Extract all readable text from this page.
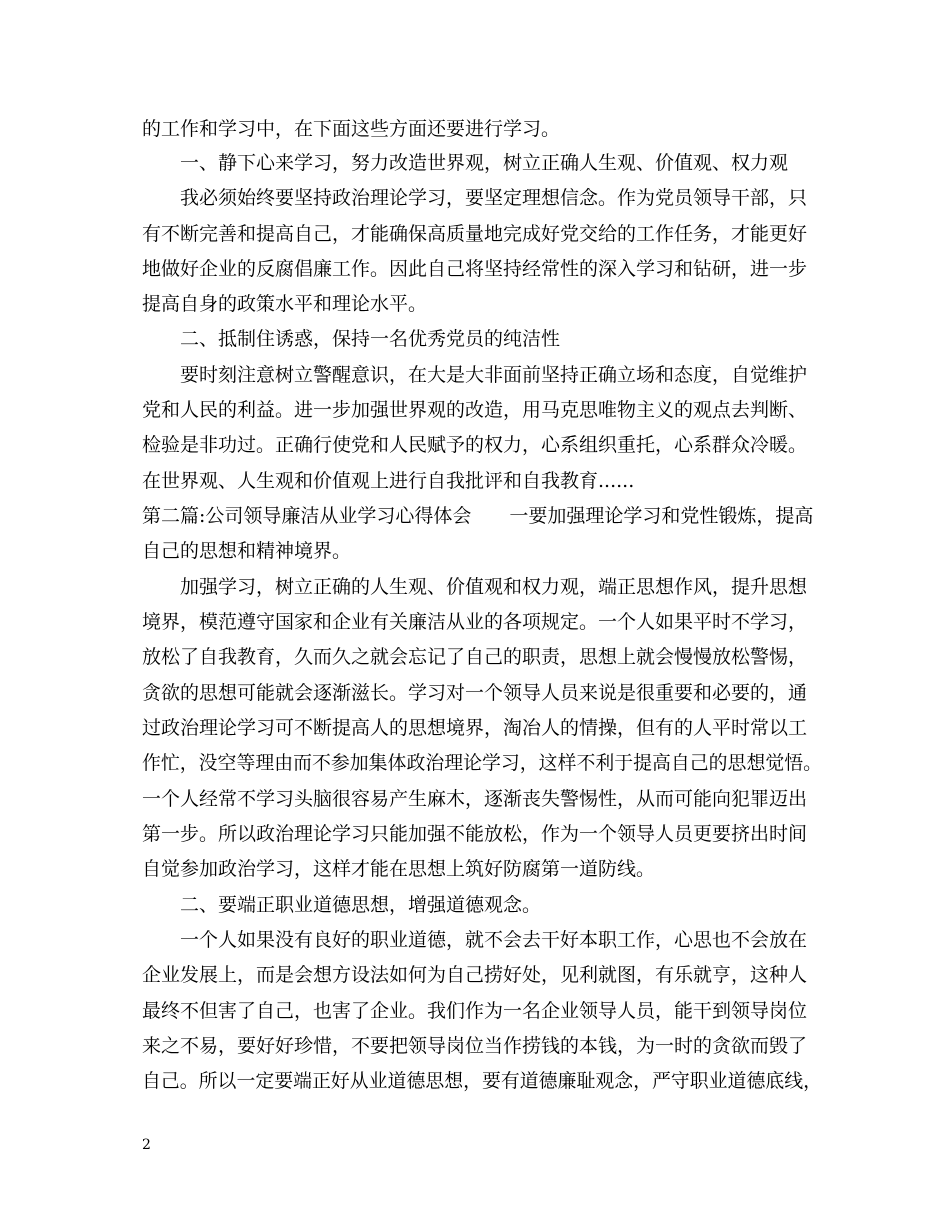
的工作和学习中，在下面这些方面还要进行学习。
　　一、静下心来学习，努力改造世界观，树立正确人生观、价值观、权力观
　　我必须始终要坚持政治理论学习，要坚定理想信念。作为党员领导干部，只
有不断完善和提高自己，才能确保高质量地完成好党交给的工作任务，才能更好
地做好企业的反腐倡廉工作。因此自己将坚持经常性的深入学习和钻研，进一步
提高自身的政策水平和理论水平。
　　二、抵制住诱惑，保持一名优秀党员的纯洁性
　　要时刻注意树立警醒意识，在大是大非面前坚持正确立场和态度，自觉维护
党和人民的利益。进一步加强世界观的改造，用马克思唯物主义的观点去判断、
检验是非功过。正确行使党和人民赋予的权力，心系组织重托，心系群众冷暖。
在世界观、人生观和价值观上进行自我批评和自我教育......
第二篇:公司领导廉洁从业学习心得体会　　一要加强理论学习和党性锻炼，提高
自己的思想和精神境界。
　　加强学习，树立正确的人生观、价值观和权力观，端正思想作风，提升思想
境界，模范遵守国家和企业有关廉洁从业的各项规定。一个人如果平时不学习，
放松了自我教育，久而久之就会忘记了自己的职责，思想上就会慢慢放松警惕，
贪欲的思想可能就会逐渐滋长。学习对一个领导人员来说是很重要和必要的，通
过政治理论学习可不断提高人的思想境界，淘冶人的情操，但有的人平时常以工
作忙，没空等理由而不参加集体政治理论学习，这样不利于提高自己的思想觉悟。
一个人经常不学习头脑很容易产生麻木，逐渐丧失警惕性，从而可能向犯罪迈出
第一步。所以政治理论学习只能加强不能放松，作为一个领导人员更要挤出时间
自觉参加政治学习，这样才能在思想上筑好防腐第一道防线。
　　二、要端正职业道德思想，增强道德观念。
　　一个人如果没有良好的职业道德，就不会去干好本职工作，心思也不会放在
企业发展上，而是会想方设法如何为自己捞好处，见利就图，有乐就亨，这种人
最终不但害了自己，也害了企业。我们作为一名企业领导人员，能干到领导岗位
来之不易，要好好珍惜，不要把领导岗位当作捞钱的本钱，为一时的贪欲而毁了
自己。所以一定要端正好从业道德思想，要有道德廉耻观念，严守职业道德底线，
2
